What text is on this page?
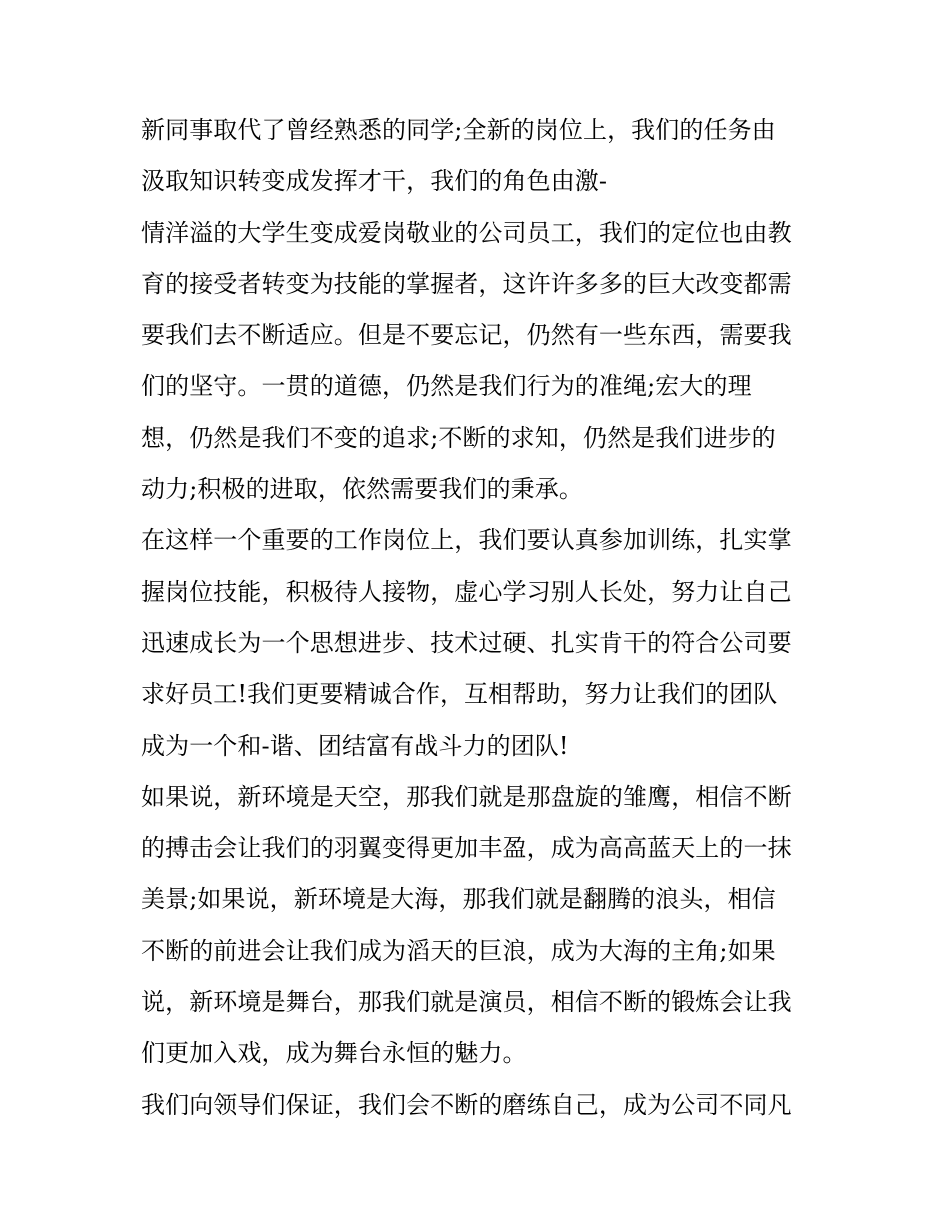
新同事取代了曾经熟悉的同学;全新的岗位上，我们的任务由
汲取知识转变成发挥才干，我们的角色由激-
情洋溢的大学生变成爱岗敬业的公司员工，我们的定位也由教
育的接受者转变为技能的掌握者，这许许多多的巨大改变都需
要我们去不断适应。但是不要忘记，仍然有一些东西，需要我
们的坚守。一贯的道德，仍然是我们行为的准绳;宏大的理
想，仍然是我们不变的追求;不断的求知，仍然是我们进步的
动力;积极的进取，依然需要我们的秉承。
在这样一个重要的工作岗位上，我们要认真参加训练，扎实掌
握岗位技能，积极待人接物，虚心学习别人长处，努力让自己
迅速成长为一个思想进步、技术过硬、扎实肯干的符合公司要
求好员工!我们更要精诚合作，互相帮助，努力让我们的团队
成为一个和-谐、团结富有战斗力的团队!
如果说，新环境是天空，那我们就是那盘旋的雏鹰，相信不断
的搏击会让我们的羽翼变得更加丰盈，成为高高蓝天上的一抹
美景;如果说，新环境是大海，那我们就是翻腾的浪头，相信
不断的前进会让我们成为滔天的巨浪，成为大海的主角;如果
说，新环境是舞台，那我们就是演员，相信不断的锻炼会让我
们更加入戏，成为舞台永恒的魅力。
我们向领导们保证，我们会不断的磨练自己，成为公司不同凡
